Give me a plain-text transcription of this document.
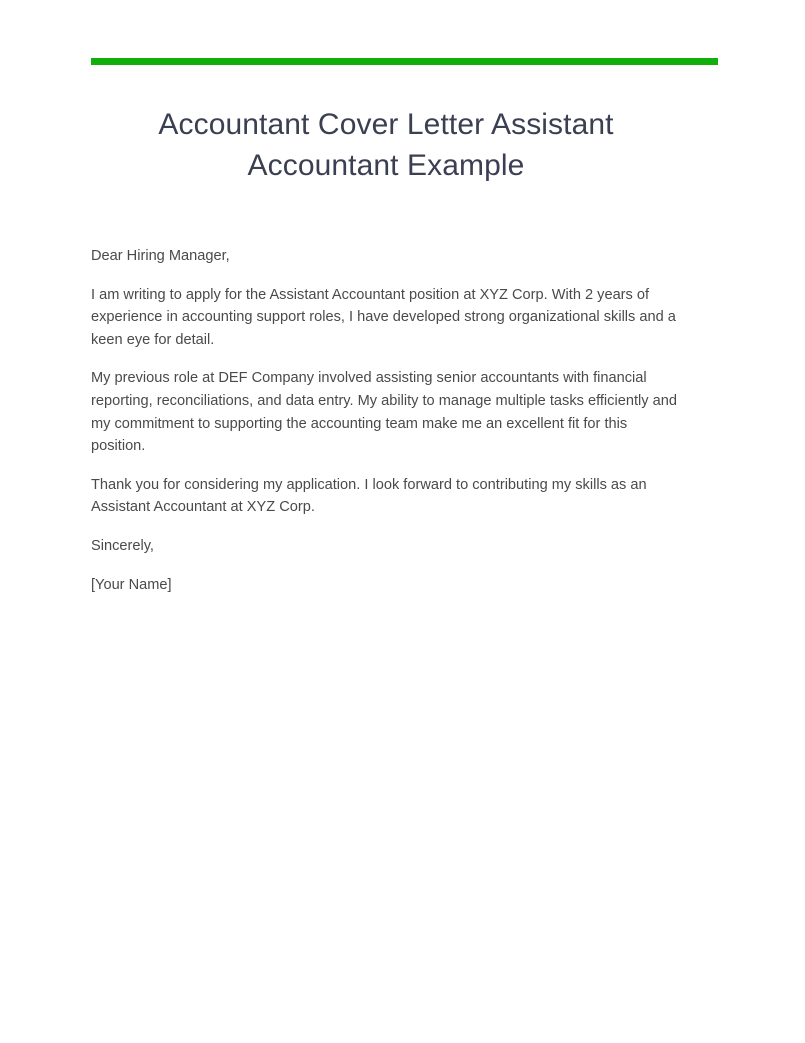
Accountant Cover Letter Assistant Accountant Example

Dear Hiring Manager,

I am writing to apply for the Assistant Accountant position at XYZ Corp. With 2 years of experience in accounting support roles, I have developed strong organizational skills and a keen eye for detail.

My previous role at DEF Company involved assisting senior accountants with financial reporting, reconciliations, and data entry. My ability to manage multiple tasks efficiently and my commitment to supporting the accounting team make me an excellent fit for this position.

Thank you for considering my application. I look forward to contributing my skills as an Assistant Accountant at XYZ Corp.

Sincerely,

[Your Name]
